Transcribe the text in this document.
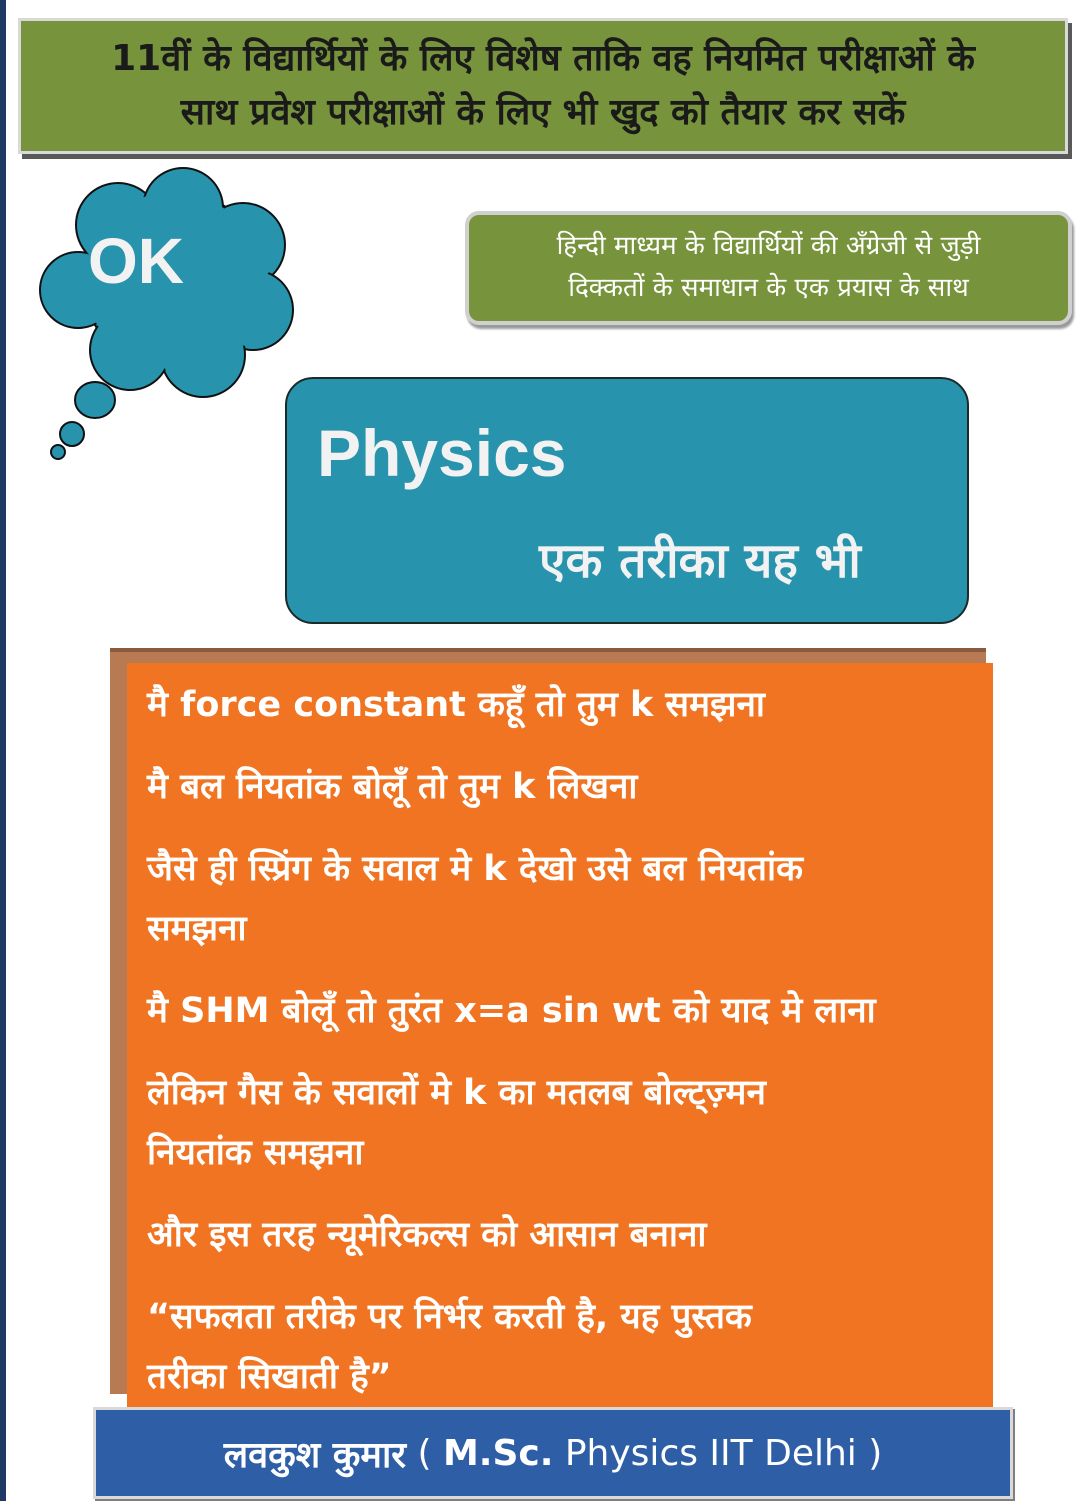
11वीं के विद्यार्थियों के लिए विशेष ताकि वह नियमित परीक्षाओं के
साथ प्रवेश परीक्षाओं के लिए भी खुद को तैयार कर सकें
OK	हिन्दी माध्यम के विद्यार्थियों की अँग्रेजी से जुड़ी
दिक्कतों के समाधान के एक प्रयास के साथ
Physics
एक तरीका यह भी
मै force constant कहूँ तो तुम k समझना
मै बल नियतांक बोलूँ तो तुम k लिखना
जैसे ही स्प्रिंग के सवाल मे k देखो उसे बल नियतांक
समझना
मै SHM बोलूँ तो तुरंत x=a sin wt को याद मे लाना
लेकिन गैस के सवालों मे k का मतलब बोल्ट्ज़्मन
नियतांक समझना
और इस तरह न्यूमेरिकल्स को आसान बनाना
“सफलता तरीके पर निर्भर करती है, यह पुस्तक
तरीका सिखाती है”
लवकुश कुमार ( M.Sc. Physics IIT Delhi )
